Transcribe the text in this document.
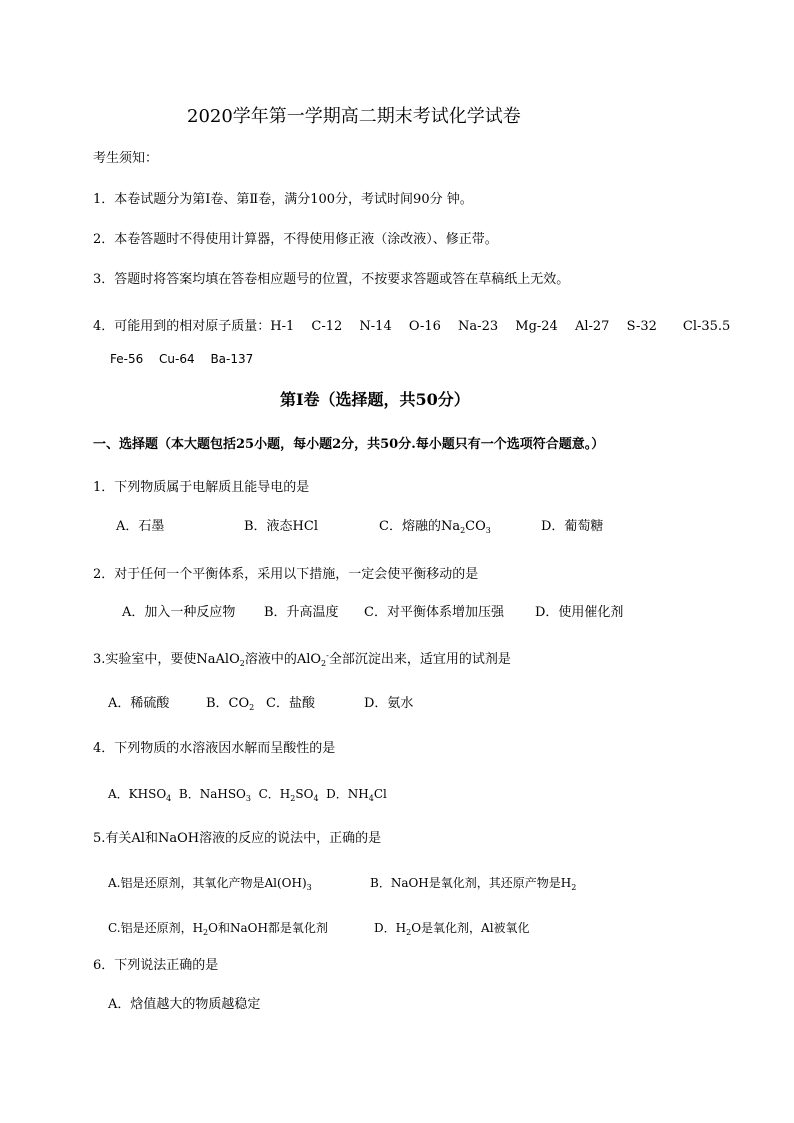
2020学年第一学期高二期末考试化学试卷
考生须知：
1．本卷试题分为第Ⅰ卷、第Ⅱ卷，满分100分，考试时间90分 钟。
2．本卷答题时不得使用计算器，不得使用修正液（涂改液）、修正带。
3．答题时将答案均填在答卷相应题号的位置，不按要求答题或答在草稿纸上无效。
4．可能用到的相对原子质量：H-1　 C-12　 N-14　 O-16　 Na-23　 Mg-24　 Al-27　 S-32　　Cl-35.5
Fe-56　 Cu-64　 Ba-137
第Ⅰ卷（选择题，共50分）
一、选择题（本大题包括25小题，每小题2分，共50分.每小题只有一个选项符合题意。）
1．下列物质属于电解质且能导电的是
A．石墨	B．液态HCl	C．熔融的$Na_2CO_3$	D．葡萄糖
2．对于任何一个平衡体系，采用以下措施，一定会使平衡移动的是
A．加入一种反应物 B．升高温度 C．对平衡体系增加压强 D．使用催化剂
3.实验室中，要使NaAlO$_2$溶液中的AlO$_2$-全部沉淀出来，适宜用的试剂是
A．稀硫酸	B．$CO_2$ C．盐酸	D．氨水
4．下列物质的水溶液因水解而呈酸性的是
A．$KHSO_4$ B．NaHSO$_3$ C．$H_2SO_4$ D．$NH_4Cl$
5.有关Al和NaOH溶液的反应的说法中，正确的是
A.铝是还原剂，其氧化产物是$Al(OH)_3$	B．NaOH是氧化剂，其还原产物是$H_2$
C.铝是还原剂，$H_2O$和NaOH都是氧化剂	D．$H_2O$是氧化剂，Al被氧化
6．下列说法正确的是
A．焓值越大的物质越稳定
